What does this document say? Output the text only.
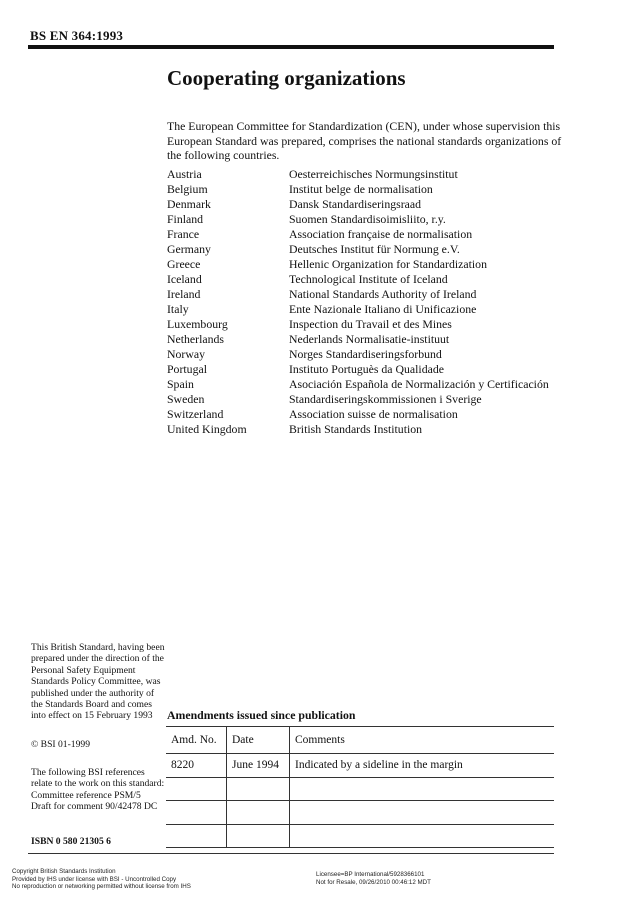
BS EN 364:1993
Cooperating organizations
The European Committee for Standardization (CEN), under whose supervision this European Standard was prepared, comprises the national standards organizations of the following countries.
Austria	Oesterreichisches Normungsinstitut
Belgium	Institut belge de normalisation
Denmark	Dansk Standardiseringsraad
Finland	Suomen Standardisoimisliito, r.y.
France	Association française de normalisation
Germany	Deutsches Institut für Normung e.V.
Greece	Hellenic Organization for Standardization
Iceland	Technological Institute of Iceland
Ireland	National Standards Authority of Ireland
Italy	Ente Nazionale Italiano di Unificazione
Luxembourg	Inspection du Travail et des Mines
Netherlands	Nederlands Normalisatie-instituut
Norway	Norges Standardiseringsforbund
Portugal	Instituto Portuguès da Qualidade
Spain	Asociación Española de Normalización y Certificación
Sweden	Standardiseringskommissionen i Sverige
Switzerland	Association suisse de normalisation
United Kingdom	British Standards Institution
This British Standard, having been prepared under the direction of the Personal Safety Equipment Standards Policy Committee, was published under the authority of the Standards Board and comes into effect on 15 February 1993
© BSI 01-1999
The following BSI references relate to the work on this standard:
Committee reference PSM/5
Draft for comment 90/42478 DC
ISBN 0 580 21305 6
Amendments issued since publication
Amd. No.	Date	Comments
8220	June 1994	Indicated by a sideline in the margin

Copyright British Standards Institution
Provided by IHS under license with BSI - Uncontrolled Copy
No reproduction or networking permitted without license from IHS
Licensee=BP International/5928366101
Not for Resale, 09/26/2010 00:46:12 MDT
